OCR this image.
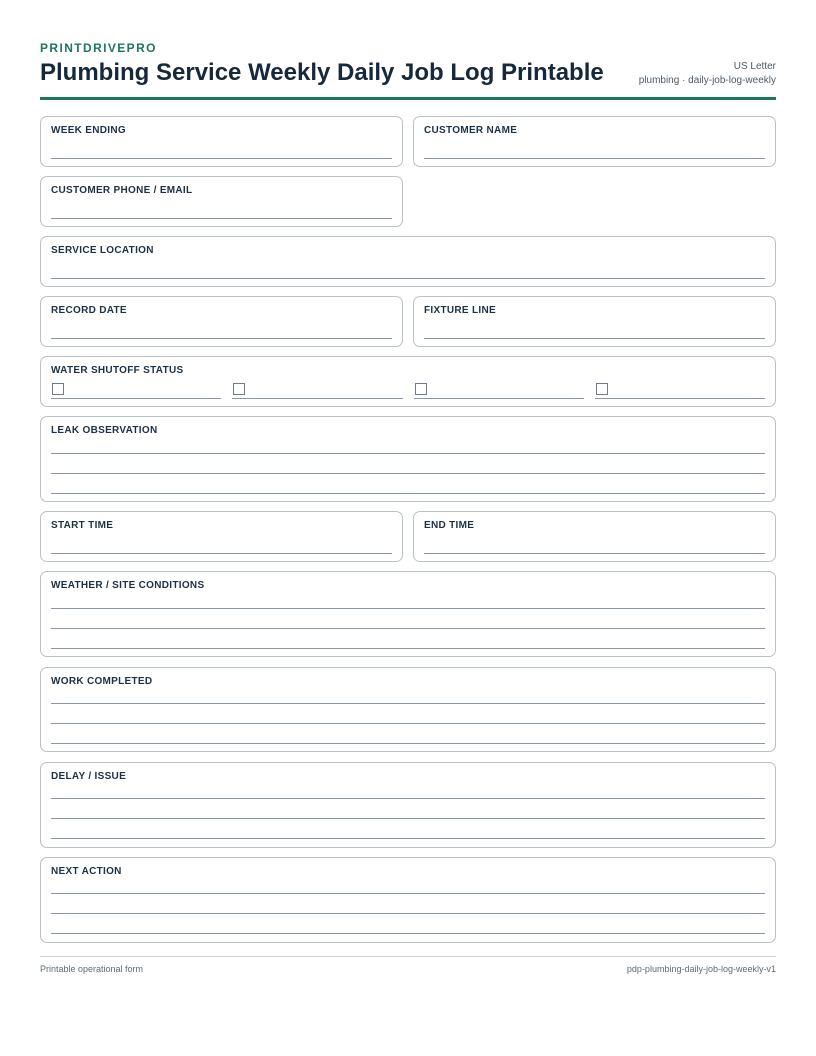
PRINTDRIVEPRO
Plumbing Service Weekly Daily Job Log Printable	US Letter
plumbing · daily-job-log-weekly
WEEK ENDING	CUSTOMER NAME
CUSTOMER PHONE / EMAIL
SERVICE LOCATION
RECORD DATE	FIXTURE LINE
WATER SHUTOFF STATUS
LEAK OBSERVATION
START TIME	END TIME
WEATHER / SITE CONDITIONS
WORK COMPLETED
DELAY / ISSUE
NEXT ACTION
Printable operational form	pdp-plumbing-daily-job-log-weekly-v1
